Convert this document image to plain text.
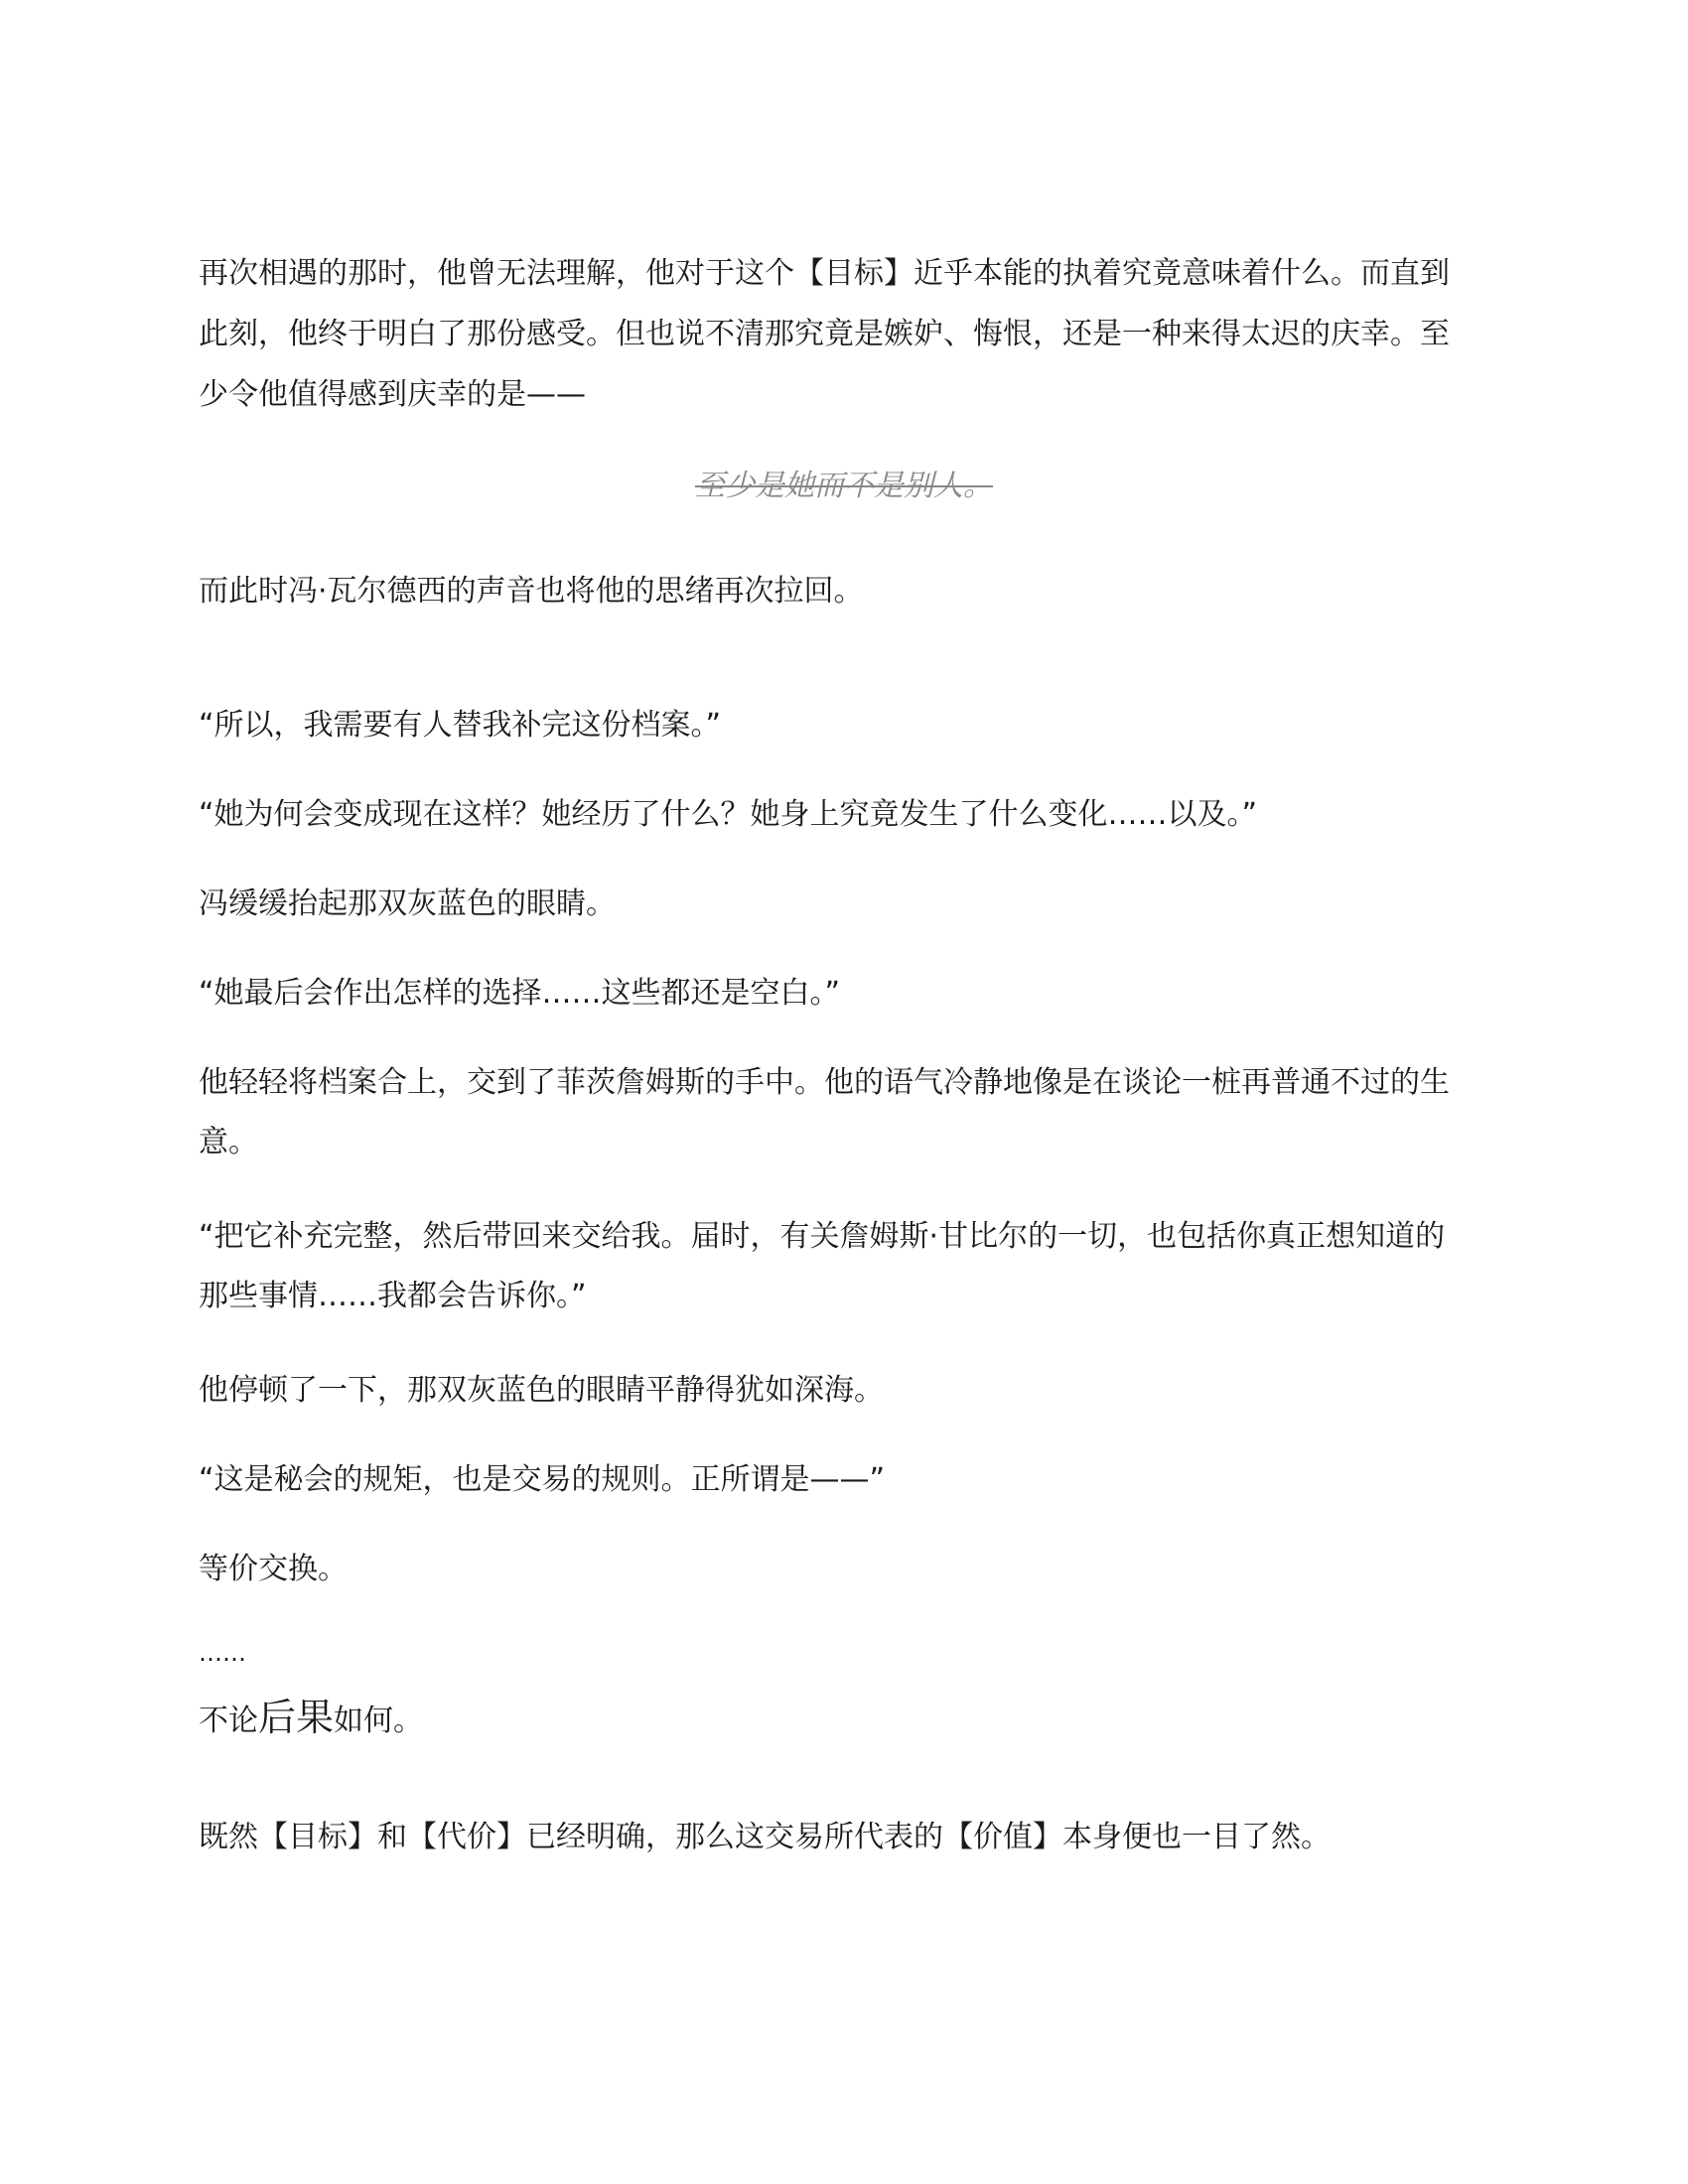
再次相遇的那时，他曾无法理解，他对于这个【目标】近乎本能的执着究竟意味着什么。而直到

此刻，他终于明白了那份感受。但也说不清那究竟是嫉妒、悔恨，还是一种来得太迟的庆幸。至

少令他值得感到庆幸的是——

至少是她而不是别人。

而此时冯·瓦尔德西的声音也将他的思绪再次拉回。

“所以，我需要有人替我补完这份档案。”

“她为何会变成现在这样？她经历了什么？她身上究竟发生了什么变化……以及。”

冯缓缓抬起那双灰蓝色的眼睛。

“她最后会作出怎样的选择……这些都还是空白。”

他轻轻将档案合上，交到了菲茨詹姆斯的手中。他的语气冷静地像是在谈论一桩再普通不过的生

意。

“把它补充完整，然后带回来交给我。届时，有关詹姆斯·甘比尔的一切，也包括你真正想知道的

那些事情……我都会告诉你。”

他停顿了一下，那双灰蓝色的眼睛平静得犹如深海。

“这是秘会的规矩，也是交易的规则。正所谓是——”

等价交换。

……

不论后果如何。

既然【目标】和【代价】已经明确，那么这交易所代表的【价值】本身便也一目了然。
